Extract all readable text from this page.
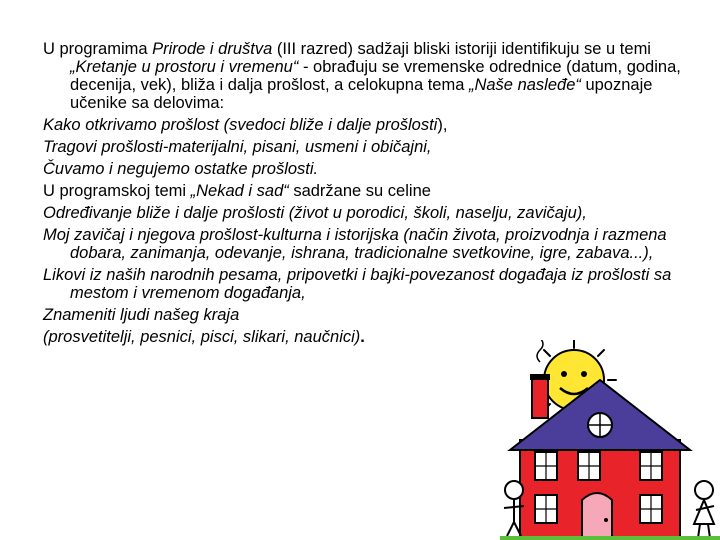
U programima Prirode i društva (III razred) sadžaji bliski istoriji identifikuju se u temi „Kretanje u prostoru i vremenu“ - obrađuju se vremenske odrednice (datum, godina, decenija, vek), bliža i dalja prošlost, a celokupna tema „Naše nasleđe“ upoznaje učenike sa delovima:

Kako otkrivamo prošlost (svedoci bliže i dalje prošlosti),

Tragovi prošlosti-materijalni, pisani, usmeni i običajni,

Čuvamo i negujemo ostatke prošlosti.

U programskoj temi „Nekad i sad“ sadržane su celine

Određivanje bliže i dalje prošlosti (život u porodici, školi, naselju, zavičaju),

Moj zavičaj i njegova prošlost-kulturna i istorijska (način života, proizvodnja i razmena dobara, zanimanja, odevanje, ishrana, tradicionalne svetkovine, igre, zabava...),

Likovi iz naših narodnih pesama, pripovetki i bajki-povezanost događaja iz prošlosti sa mestom i vremenom događanja,

Znameniti ljudi našeg kraja

(prosvetitelji, pesnici, pisci, slikari, naučnici).
